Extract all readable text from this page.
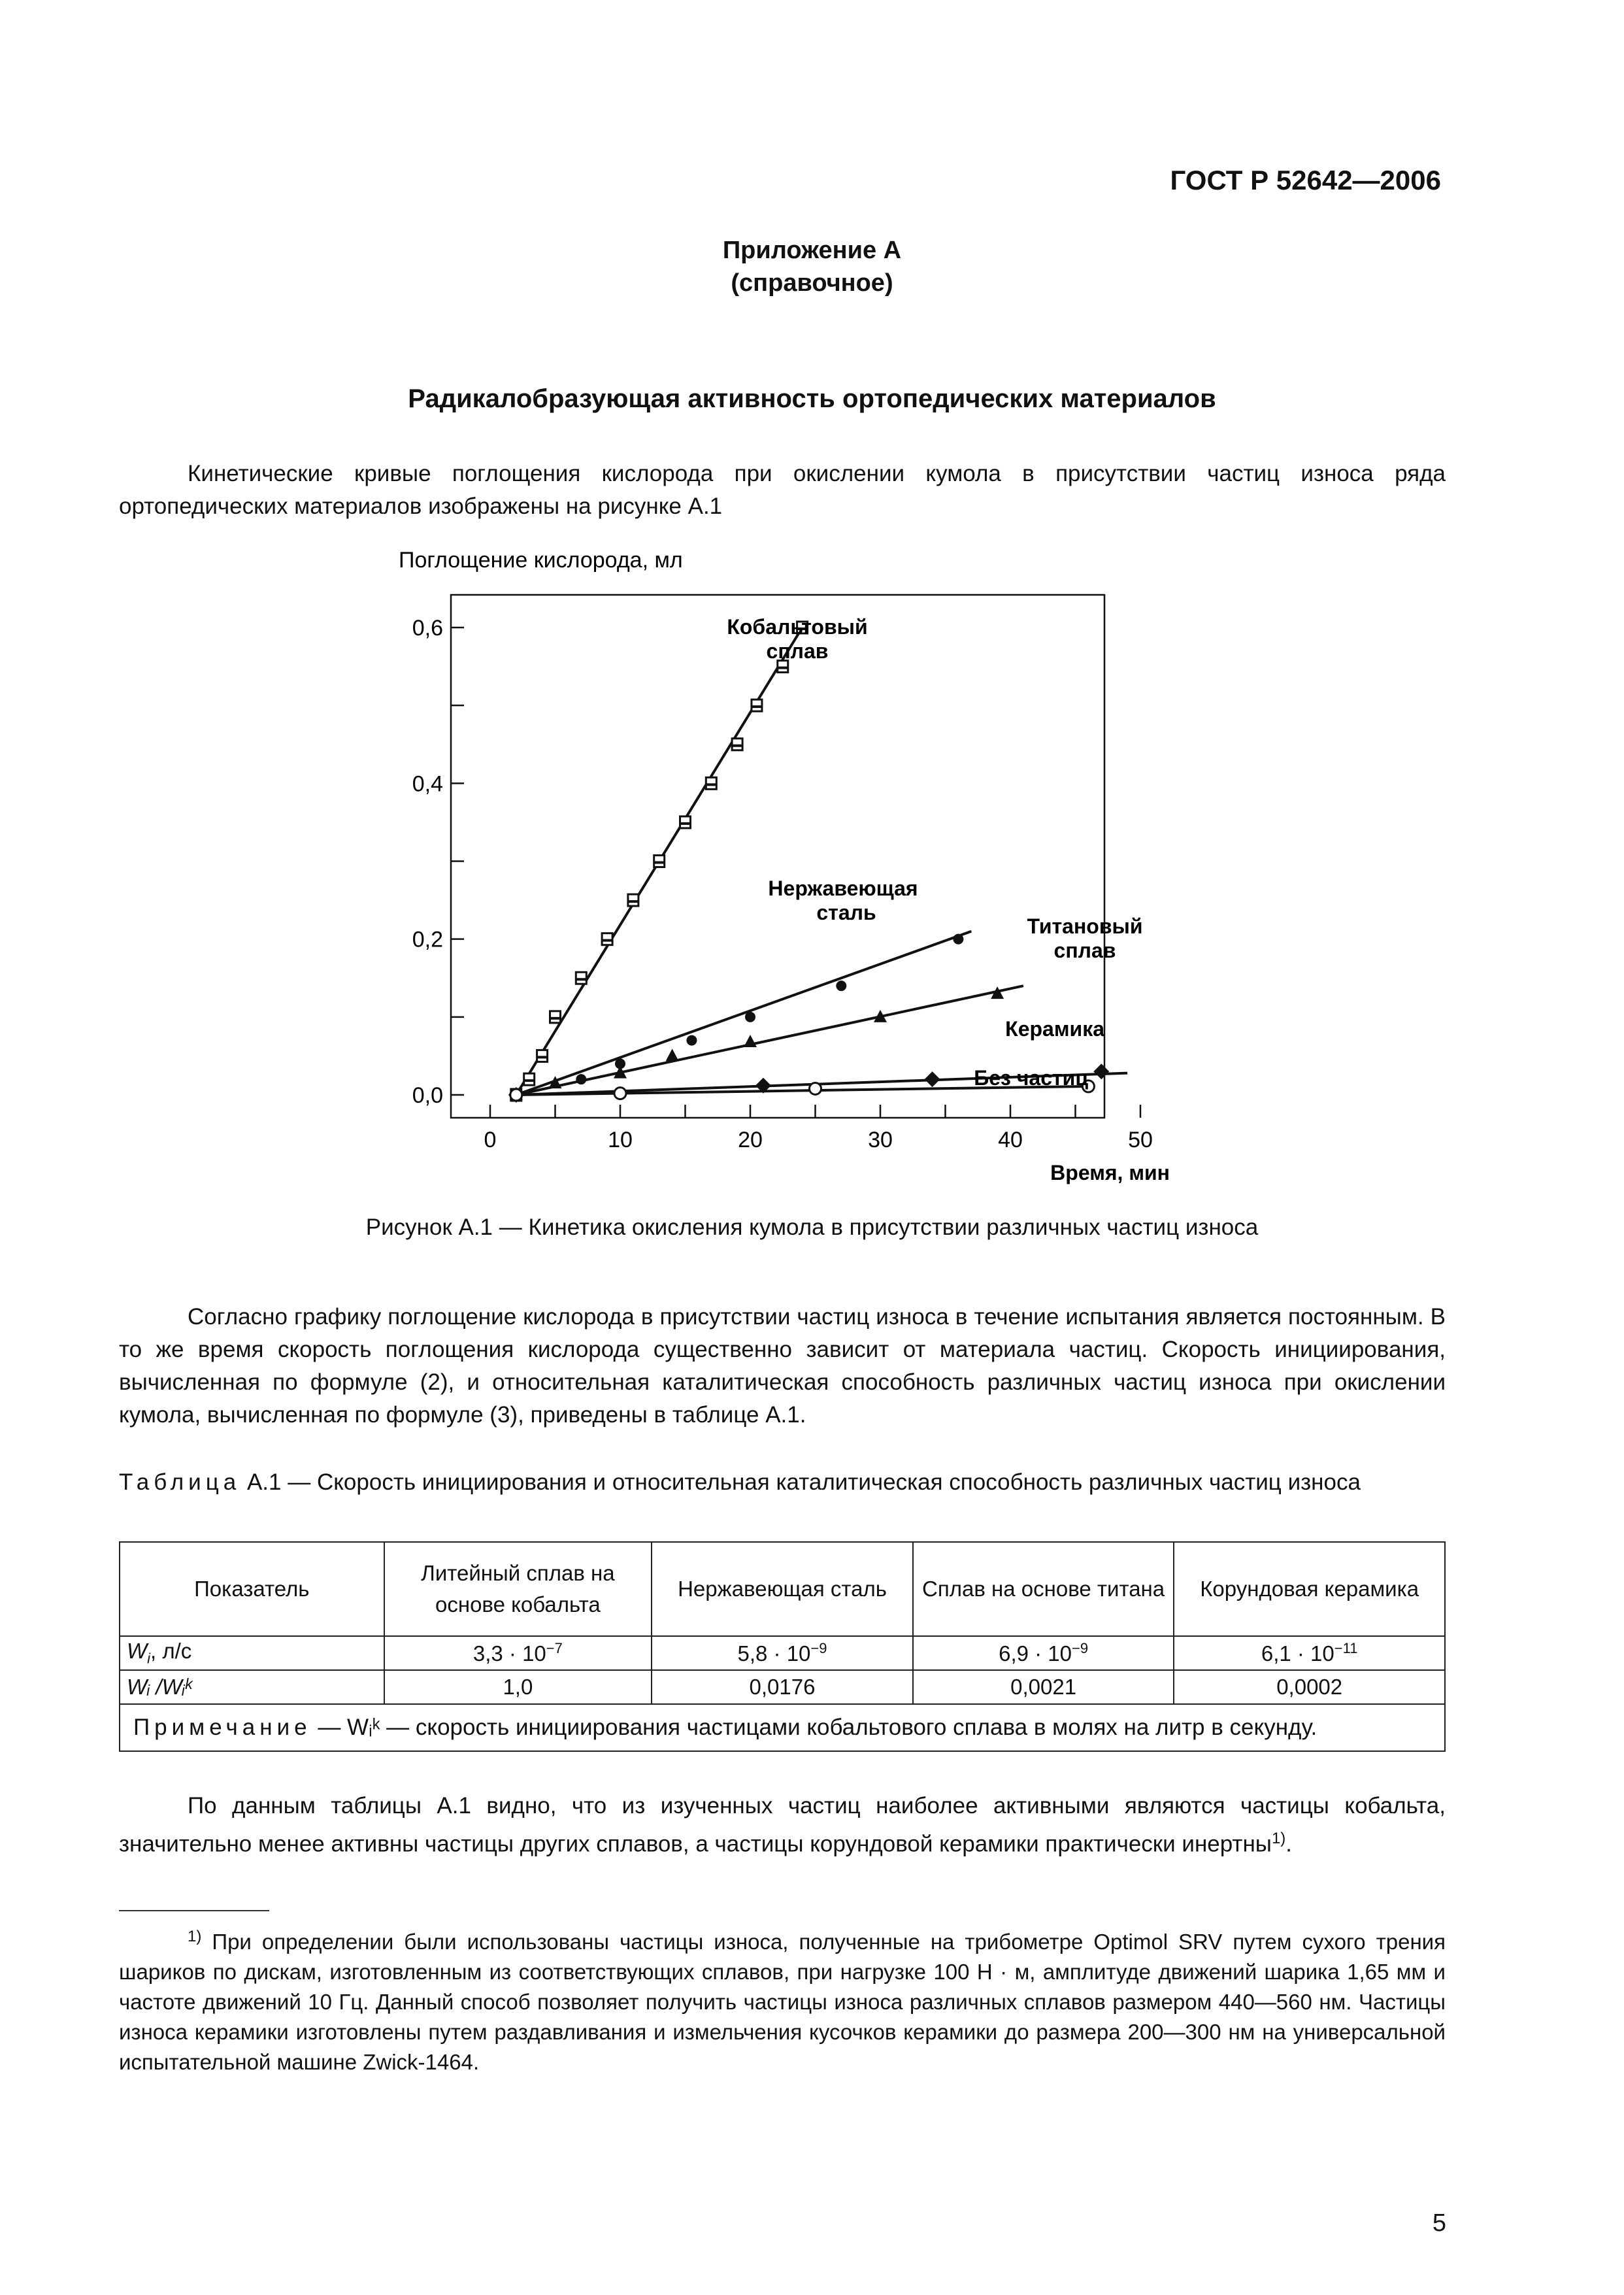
ГОСТ Р 52642—2006
Приложение А
(справочное)
Радикалобразующая активность ортопедических материалов
Кинетические кривые поглощения кислорода при окислении кумола в присутствии частиц износа ряда ортопедических материалов изображены на рисунке А.1
Поглощение кислорода, мл
0,0
0,2
0,4
0,6
0	10	20	30	40	50
Время, мин
Кобальтовый
сплав
Нержавеющая
сталь
Титановый
сплав
Керамика
Без частиц
Рисунок А.1 — Кинетика окисления кумола в присутствии различных частиц износа
Согласно графику поглощение кислорода в присутствии частиц износа в течение испытания является постоянным. В то же время скорость поглощения кислорода существенно зависит от материала частиц. Скорость инициирования, вычисленная по формуле (2), и относительная каталитическая способность различных частиц износа при окислении кумола, вычисленная по формуле (3), приведены в таблице А.1.
Таблица А.1 — Скорость инициирования и относительная каталитическая способность различных частиц износа
Показатель	Литейный сплав на основе кобальта	Нержавеющая сталь	Сплав на основе титана	Корундовая керамика
$W_i$, л/с	$3,3 \cdot 10^{-7}$	$5,8 \cdot 10^{-9}$	$6,9 \cdot 10^{-9}$	$6,1 \cdot 10^{-11}$
Wᵢ /Wᵢᵏ	1,0	0,0176	0,0021	0,0002
Примечание — Wᵢᵏ — скорость инициирования частицами кобальтового сплава в молях на литр в секунду.				
По данным таблицы А.1 видно, что из изученных частиц наиболее активными являются частицы кобальта, значительно менее активны частицы других сплавов, а частицы корундовой керамики практически инертны$^{1)}$.
$^{1)}$ При определении были использованы частицы износа, полученные на трибометре Optimol SRV путем сухого трения шариков по дискам, изготовленным из соответствующих сплавов, при нагрузке 100 Н · м, амплитуде движений шарика 1,65 мм и частоте движений 10 Гц. Данный способ позволяет получить частицы износа различных сплавов размером 440—560 нм. Частицы износа керамики изготовлены путем раздавливания и измельчения кусочков керамики до размера 200—300 нм на универсальной испытательной машине Zwick-1464.
5
